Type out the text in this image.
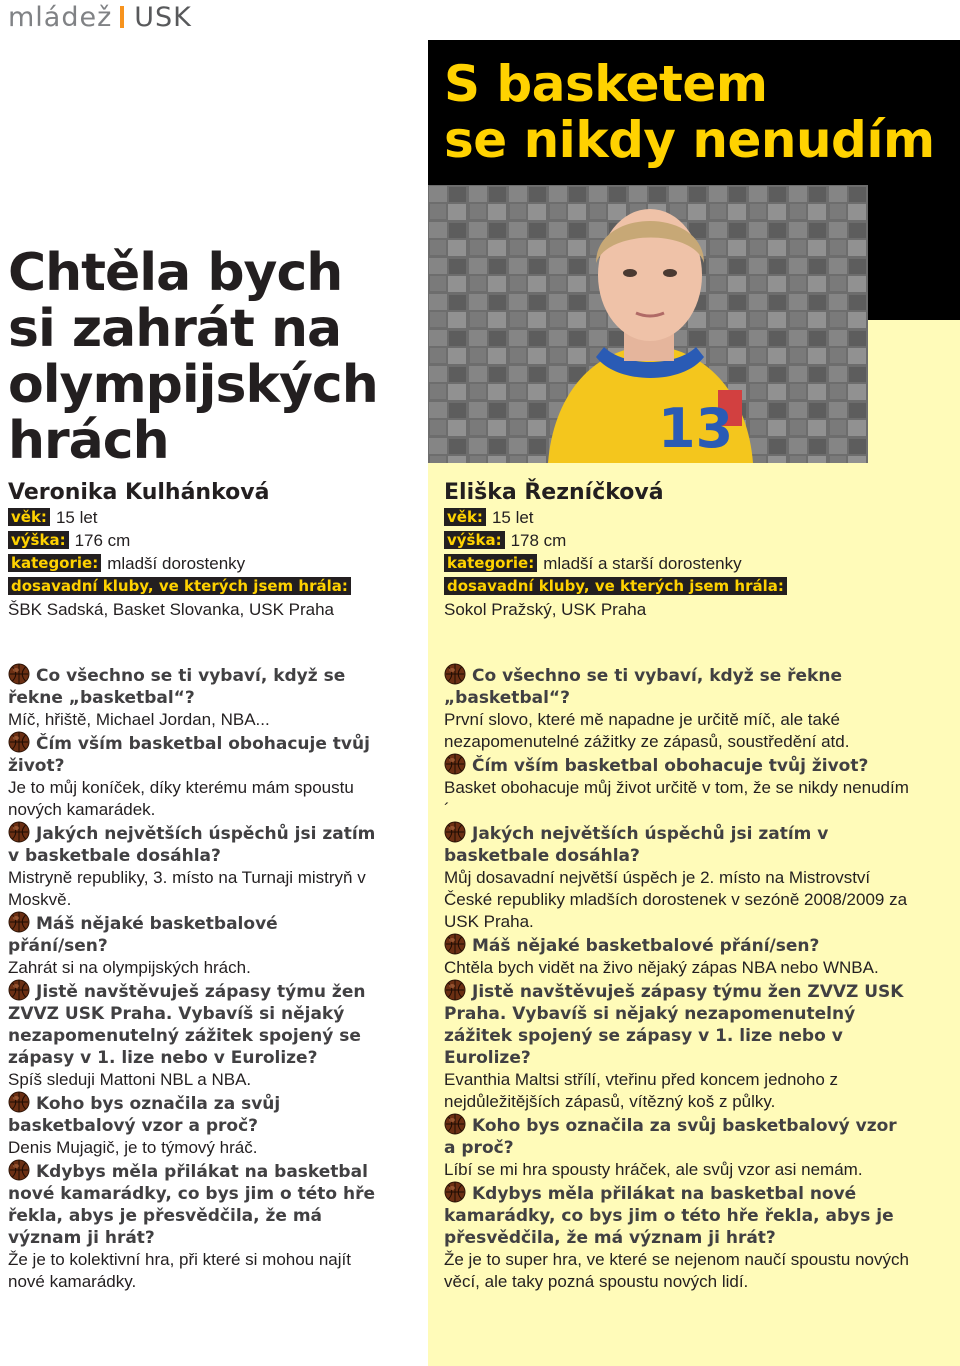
mládež USK
S basketem
se nikdy nenudím
13
Chtěla bych
si zahrát na
olympijských
hrách
Veronika Kulhánková
věk: 15 let
výška: 176 cm
kategorie: mladší dorostenky
dosavadní kluby, ve kterých jsem hrála:
ŠBK Sadská, Basket Slovanka, USK Praha
Eliška Řezníčková
věk: 15 let
výška: 178 cm
kategorie: mladší a starší dorostenky
dosavadní kluby, ve kterých jsem hrála:
Sokol Pražský, USK Praha
Co všechno se ti vybaví, když se řekne „basketbal“?
Míč, hřiště, Michael Jordan, NBA...
Čím vším basketbal obohacuje tvůj život?
Je to můj koníček, díky kterému mám spoustu nových kamarádek.
Jakých největších úspěchů jsi zatím v basketbale dosáhla?
Mistryně republiky, 3. místo na Turnaji mistryň v Moskvě.
Máš nějaké basketbalové přání/sen?
Zahrát si na olympijských hrách.
Jistě navštěvuješ zápasy týmu žen ZVVZ USK Praha. Vybavíš si nějaký nezapomenutelný zážitek spojený se zápasy v 1. lize nebo v Eurolize?
Spíš sleduji Mattoni NBL a NBA.
Koho bys označila za svůj basketbalový vzor a proč?
Denis Mujagič, je to týmový hráč.
Kdybys měla přilákat na basketbal nové kamarádky, co bys jim o této hře řekla, abys je přesvědčila, že má význam ji hrát?
Že je to kolektivní hra, při které si mohou najít nové kamarádky.
Co všechno se ti vybaví, když se řekne „basketbal“?
První slovo, které mě napadne je určitě míč, ale také nezapomenutelné zážitky ze zápasů, soustředění atd.
Čím vším basketbal obohacuje tvůj život?
Basket obohacuje můj život určitě v tom, že se nikdy nenudím ´
Jakých největších úspěchů jsi zatím v basketbale dosáhla?
Můj dosavadní největší úspěch je 2. místo na Mistrovství České republiky mladších dorostenek v sezóně 2008/2009 za USK Praha.
Máš nějaké basketbalové přání/sen?
Chtěla bych vidět na živo nějaký zápas NBA nebo WNBA.
Jistě navštěvuješ zápasy týmu žen ZVVZ USK Praha. Vybavíš si nějaký nezapomenutelný zážitek spojený se zápasy v 1. lize nebo v Eurolize?
Evanthia Maltsi střílí, vteřinu před koncem jednoho z nejdůležitějších zápasů, vítězný koš z půlky.
Koho bys označila za svůj basketbalový vzor a proč?
Líbí se mi hra spousty hráček, ale svůj vzor asi nemám.
Kdybys měla přilákat na basketbal nové kamarádky, co bys jim o této hře řekla, abys je přesvědčila, že má význam ji hrát?
Že je to super hra, ve které se nejenom naučí spoustu nových věcí, ale taky pozná spoustu nových lidí.
